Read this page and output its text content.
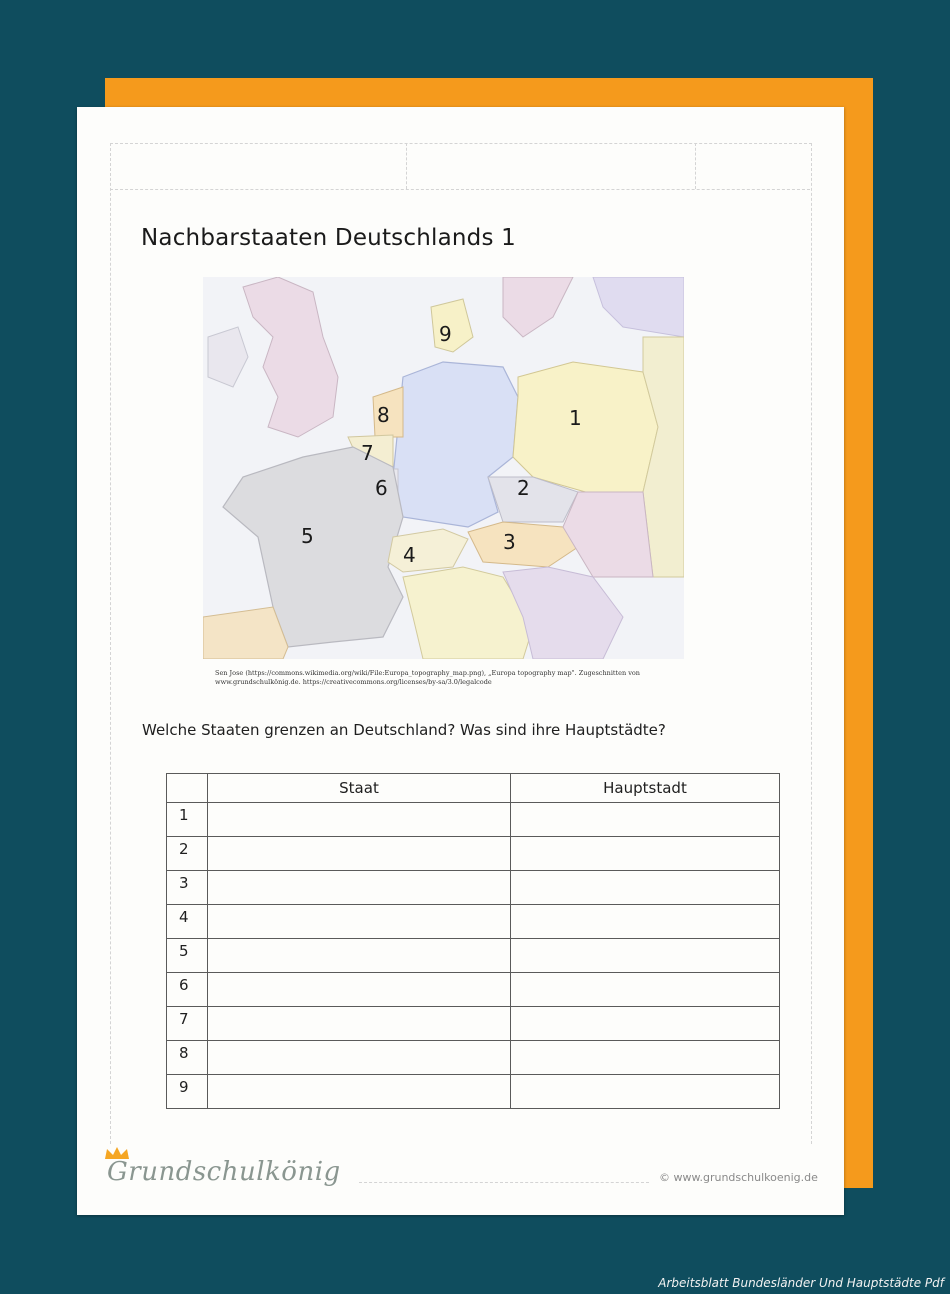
Nachbarstaaten Deutschlands 1
9
8
7
6
1
2
3
4
5
Sen Jose (https://commons.wikimedia.org/wiki/File:Europa_topography_map.png), „Europa topography map". Zugeschnitten von
www.grundschulkönig.de. https://creativecommons.org/licenses/by-sa/3.0/legalcode
Welche Staaten grenzen an Deutschland? Was sind ihre Hauptstädte?
	Staat	Hauptstadt
1		
2		
3		
4		
5		
6		
7		
8		
9		
Grundschulkönig	© www.grundschulkoenig.de
Arbeitsblatt Bundesländer Und Hauptstädte Pdf
